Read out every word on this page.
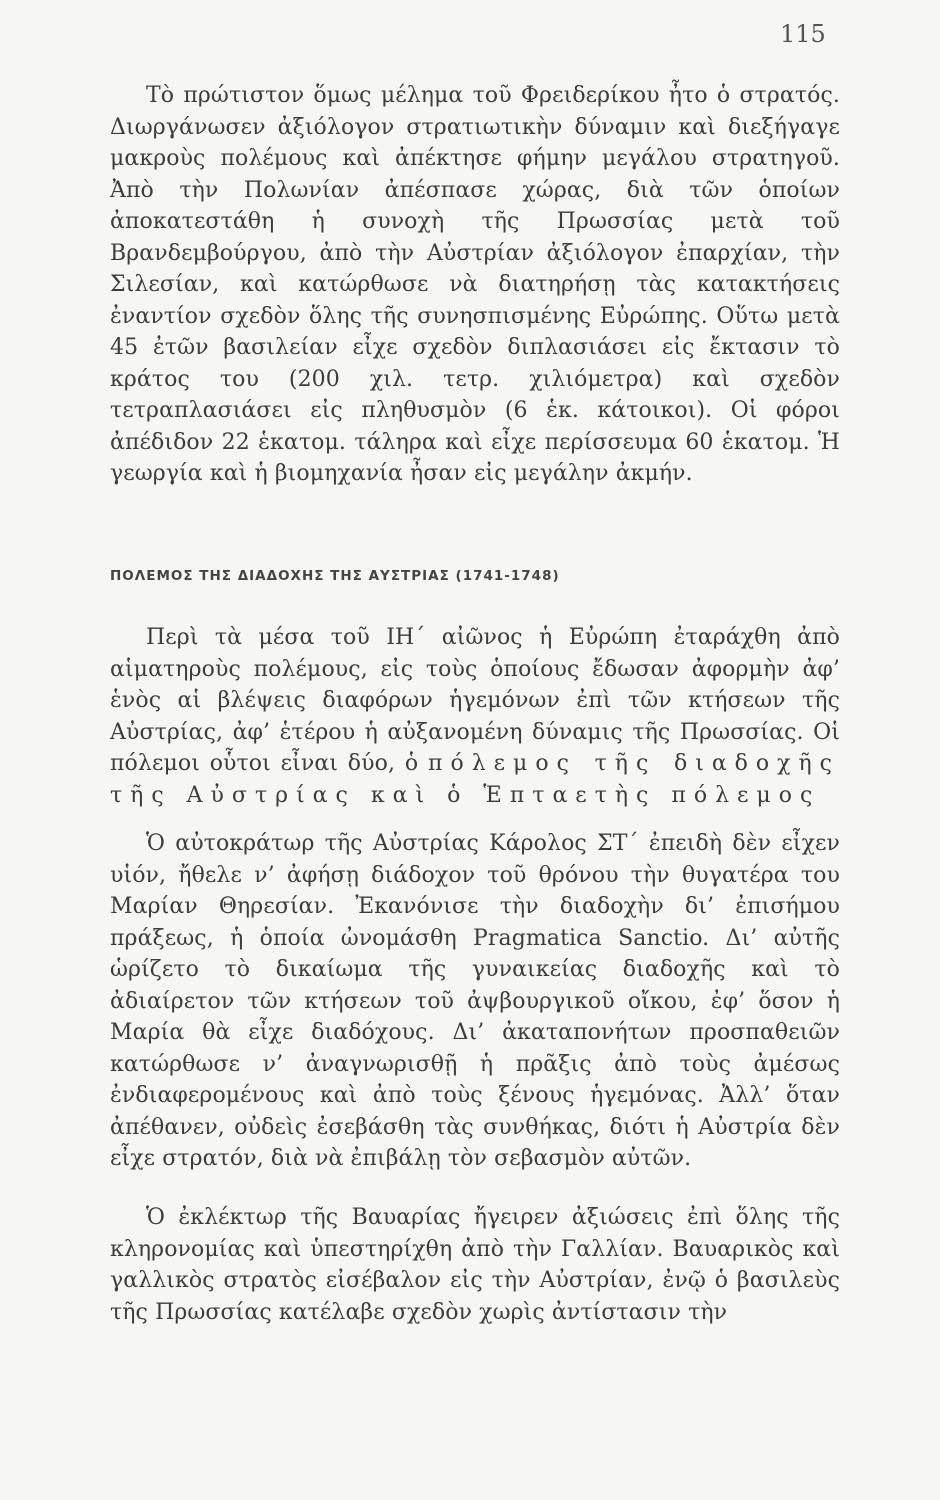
115

Τὸ πρώτιστον ὅμως μέλημα τοῦ Φρειδερίκου ἦτο ὁ στρατός. Διωργάνωσεν ἀξιόλογον στρατιωτικὴν δύναμιν καὶ διεξήγαγε μακροὺς πολέμους καὶ ἀπέκτησε φήμην μεγάλου στρατηγοῦ. Ἀπὸ τὴν Πολωνίαν ἀπέσπασε χώρας, διὰ τῶν ὁποίων ἀποκατεστάθη ἡ συνοχὴ τῆς Πρωσσίας μετὰ τοῦ Βρανδεμβούργου, ἀπὸ τὴν Αὐστρίαν ἀξιόλογον ἐπαρχίαν, τὴν Σιλεσίαν, καὶ κατώρθωσε νὰ διατηρήσῃ τὰς κατακτήσεις ἐναντίον σχεδὸν ὅλης τῆς συνησπισμένης Εὐρώπης. Οὕτω μετὰ 45 ἐτῶν βασιλείαν εἶχε σχεδὸν διπλασιάσει εἰς ἔκτασιν τὸ κράτος του (200 χιλ. τετρ. χιλιόμετρα) καὶ σχεδὸν τετραπλασιάσει εἰς πληθυσμὸν (6 ἑκ. κάτοικοι). Οἱ φόροι ἀπέδιδον 22 ἑκατομ. τάληρα καὶ εἶχε περίσσευμα 60 ἑκατομ. Ἡ γεωργία καὶ ἡ βιομηχανία ἦσαν εἰς μεγάλην ἀκμήν.

ΠΟΛΕΜΟΣ ΤΗΣ ΔΙΑΔΟΧΗΣ ΤΗΣ ΑΥΣΤΡΙΑΣ (1741-1748)

Περὶ τὰ μέσα τοῦ ΙΗ΄ αἰῶνος ἡ Εὐρώπη ἐταράχθη ἀπὸ αἱματηροὺς πολέμους, εἰς τοὺς ὁποίους ἔδωσαν ἀφορμὴν ἀφ’ ἑνὸς αἱ βλέψεις διαφόρων ἡγεμόνων ἐπὶ τῶν κτήσεων τῆς Αὐστρίας, ἀφ’ ἑτέρου ἡ αὐξανομένη δύναμις τῆς Πρωσσίας. Οἱ πόλεμοι οὗτοι εἶναι δύο, ὁ πόλεμος τῆς διαδοχῆς τῆς Αὐστρίας καὶ ὁ Ἑπταετὴς πόλεμος

Ὁ αὐτοκράτωρ τῆς Αὐστρίας Κάρολος ΣΤ΄ ἐπειδὴ δὲν εἶχεν υἱόν, ἤθελε ν’ ἀφήσῃ διάδοχον τοῦ θρόνου τὴν θυγατέρα του Μαρίαν Θηρεσίαν. Ἐκανόνισε τὴν διαδοχὴν δι’ ἐπισήμου πράξεως, ἡ ὁποία ὠνομάσθη Pragmatica Sanctio. Δι’ αὐτῆς ὡρίζετο τὸ δικαίωμα τῆς γυναικείας διαδοχῆς καὶ τὸ ἀδιαίρετον τῶν κτήσεων τοῦ ἀψβουργικοῦ οἴκου, ἐφ’ ὅσον ἡ Μαρία θὰ εἶχε διαδόχους. Δι’ ἀκαταπονήτων προσπαθειῶν κατώρθωσε ν’ ἀναγνωρισθῇ ἡ πρᾶξις ἀπὸ τοὺς ἀμέσως ἐνδιαφερομένους καὶ ἀπὸ τοὺς ξένους ἡγεμόνας. Ἀλλ’ ὅταν ἀπέθανεν, οὐδεὶς ἐσεβάσθη τὰς συνθήκας, διότι ἡ Αὐστρία δὲν εἶχε στρατόν, διὰ νὰ ἐπιβάλῃ τὸν σεβασμὸν αὐτῶν.

Ὁ ἐκλέκτωρ τῆς Βαυαρίας ἤγειρεν ἀξιώσεις ἐπὶ ὅλης τῆς κληρονομίας καὶ ὑπεστηρίχθη ἀπὸ τὴν Γαλλίαν. Βαυαρικὸς καὶ γαλλικὸς στρατὸς εἰσέβαλον εἰς τὴν Αὐστρίαν, ἐνῷ ὁ βασιλεὺς τῆς Πρωσσίας κατέλαβε σχεδὸν χωρὶς ἀντίστασιν τὴν
